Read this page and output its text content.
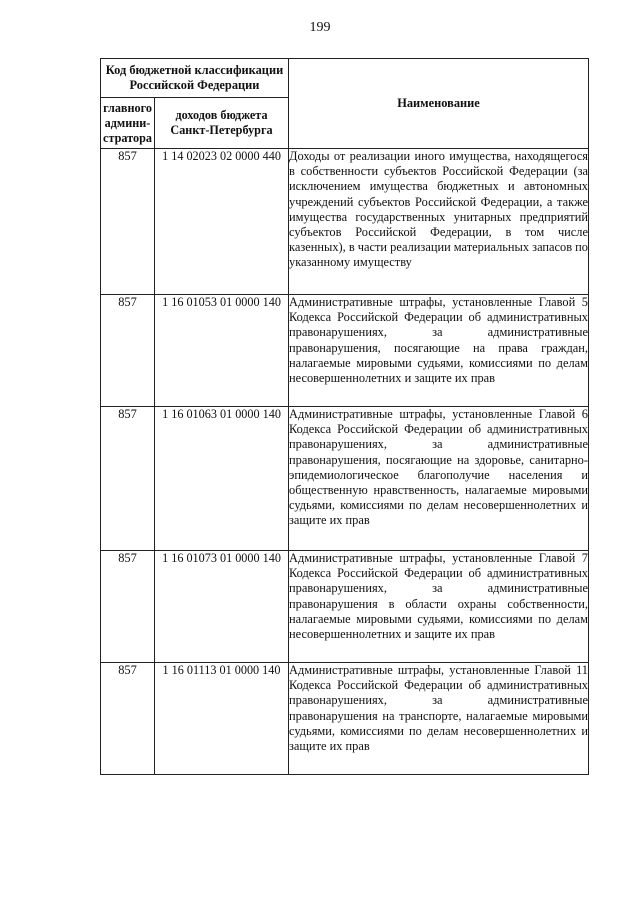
199
Код бюджетной классификации Российской Федерации		Наименование
главного админи-стратора	доходов бюджета Санкт-Петербурга	
857	1 14 02023 02 0000 440	Доходы от реализации иного имущества, находящегося в собственности субъектов Российской Федерации (за исключением имущества бюджетных и автономных учреждений субъектов Российской Федерации, а также имущества государственных унитарных предприятий субъектов Российской Федерации, в том числе казенных), в части реализации материальных запасов по указанному имуществу
857	1 16 01053 01 0000 140	Административные штрафы, установленные Главой 5 Кодекса Российской Федерации об административных правонарушениях, за административные правонарушения, посягающие на права граждан, налагаемые мировыми судьями, комиссиями по делам несовершеннолетних и защите их прав
857	1 16 01063 01 0000 140	Административные штрафы, установленные Главой 6 Кодекса Российской Федерации об административных правонарушениях, за административные правонарушения, посягающие на здоровье, санитарно-эпидемиологическое благополучие населения и общественную нравственность, налагаемые мировыми судьями, комиссиями по делам несовершеннолетних и защите их прав
857	1 16 01073 01 0000 140	Административные штрафы, установленные Главой 7 Кодекса Российской Федерации об административных правонарушениях, за административные правонарушения в области охраны собственности, налагаемые мировыми судьями, комиссиями по делам несовершеннолетних и защите их прав
857	1 16 01113 01 0000 140	Административные штрафы, установленные Главой 11 Кодекса Российской Федерации об административных правонарушениях, за административные правонарушения на транспорте, налагаемые мировыми судьями, комиссиями по делам несовершеннолетних и защите их прав
